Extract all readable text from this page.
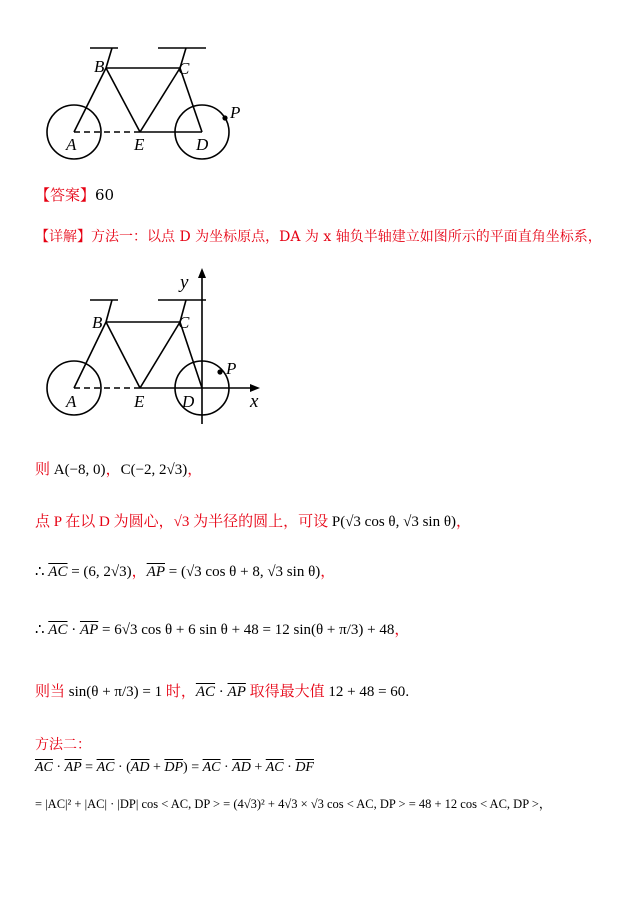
A
B	C
D
E
P
【答案】60
【详解】方法一：以点 D 为坐标原点，DA 为 x 轴负半轴建立如图所示的平面直角坐标系，
y
x
A
B	C
D
E
P
则 A(−8, 0)，C(−2, 2√3)，
点 P 在以 D 为圆心，√3 为半径的圆上，可设 P(√3 cos θ, √3 sin θ)，
∴ $\overline{AC} = (6$, 2√3)，$\overline{AP} = (√3$ cos θ + 8, √3 sin θ)，
∴ $\overline{AC} \cdot \overline{AP} = 6√3$ cos θ + 6 sin θ + 48 = 12 sin(θ + π/3) + 48，
则当 sin(θ + π/3) = 1 时，$\overline{AC} \cdot \overline{AP}$ 取得最大值 12 + 48 = 60.
方法二：
$\overline{AC} \cdot \overline{AP} = \overline{AC} \cdot (\overline{AD} + \overline{DP}) = \overline{AC} \cdot \overline{AD} + \overline{AC} \cdot \overline{DF}$
= |AC|² + |AC| · |DP| cos < AC, DP > = (4√3)² + 4√3 × √3 cos < AC, DP > = 48 + 12 cos < AC, DP >，
